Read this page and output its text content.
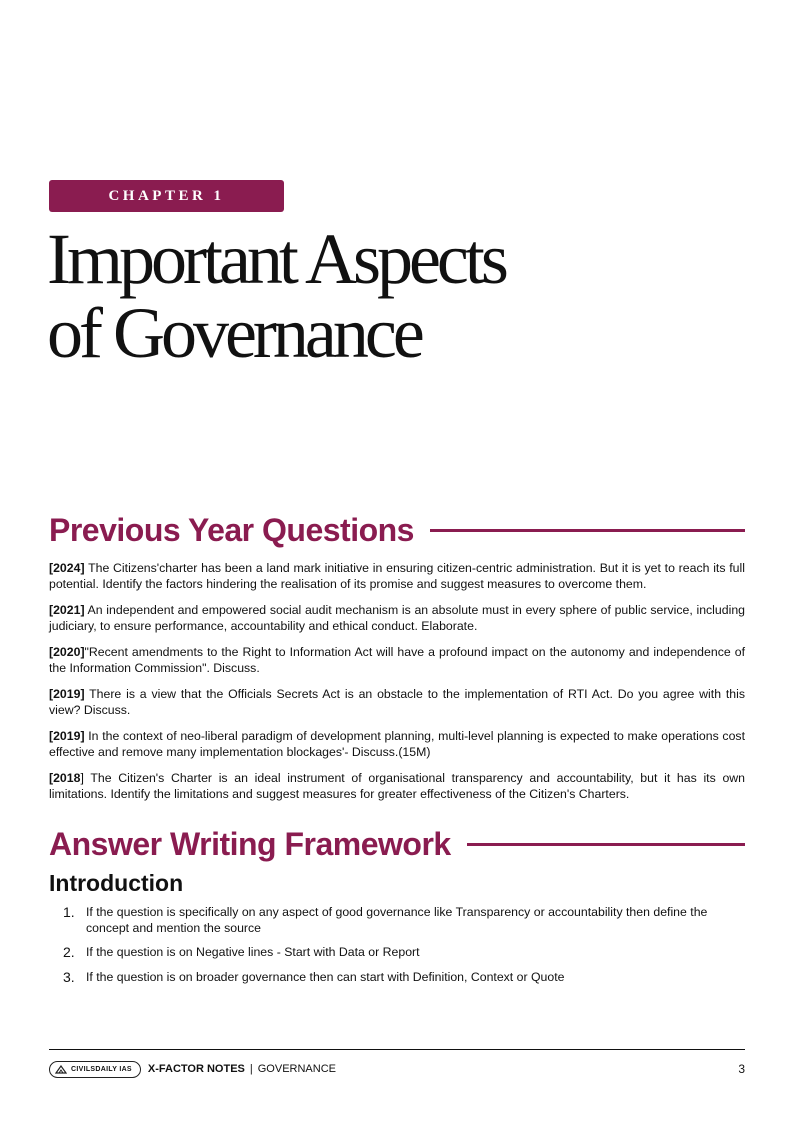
CHAPTER 1
Important Aspects
of Governance
Previous Year Questions

[2024] The Citizens'charter has been a land mark initiative in ensuring citizen-centric administration. But it is yet to reach its full potential. Identify the factors hindering the realisation of its promise and suggest measures to overcome them.

[2021] An independent and empowered social audit mechanism is an absolute must in every sphere of public service, including judiciary, to ensure performance, accountability and ethical conduct. Elaborate.

[2020]"Recent amendments to the Right to Information Act will have a profound impact on the autonomy and independence of the Information Commission". Discuss.

[2019] There is a view that the Officials Secrets Act is an obstacle to the implementation of RTI Act. Do you agree with this view? Discuss.

[2019] In the context of neo-liberal paradigm of development planning, multi-level planning is expected to make operations cost effective and remove many implementation blockages'- Discuss.(15M)

[2018] The Citizen's Charter is an ideal instrument of organisational transparency and accountability, but it has its own limitations. Identify the limitations and suggest measures for greater effectiveness of the Citizen's Charters.

Answer Writing Framework
Introduction
1. If the question is specifically on any aspect of good governance like Transparency or accountability then define the concept and mention the source
2. If the question is on Negative lines - Start with Data or Report
3. If the question is on broader governance then can start with Definition, Context or Quote
CIVILSDAILY IAS X-FACTOR NOTES | GOVERNANCE	3
